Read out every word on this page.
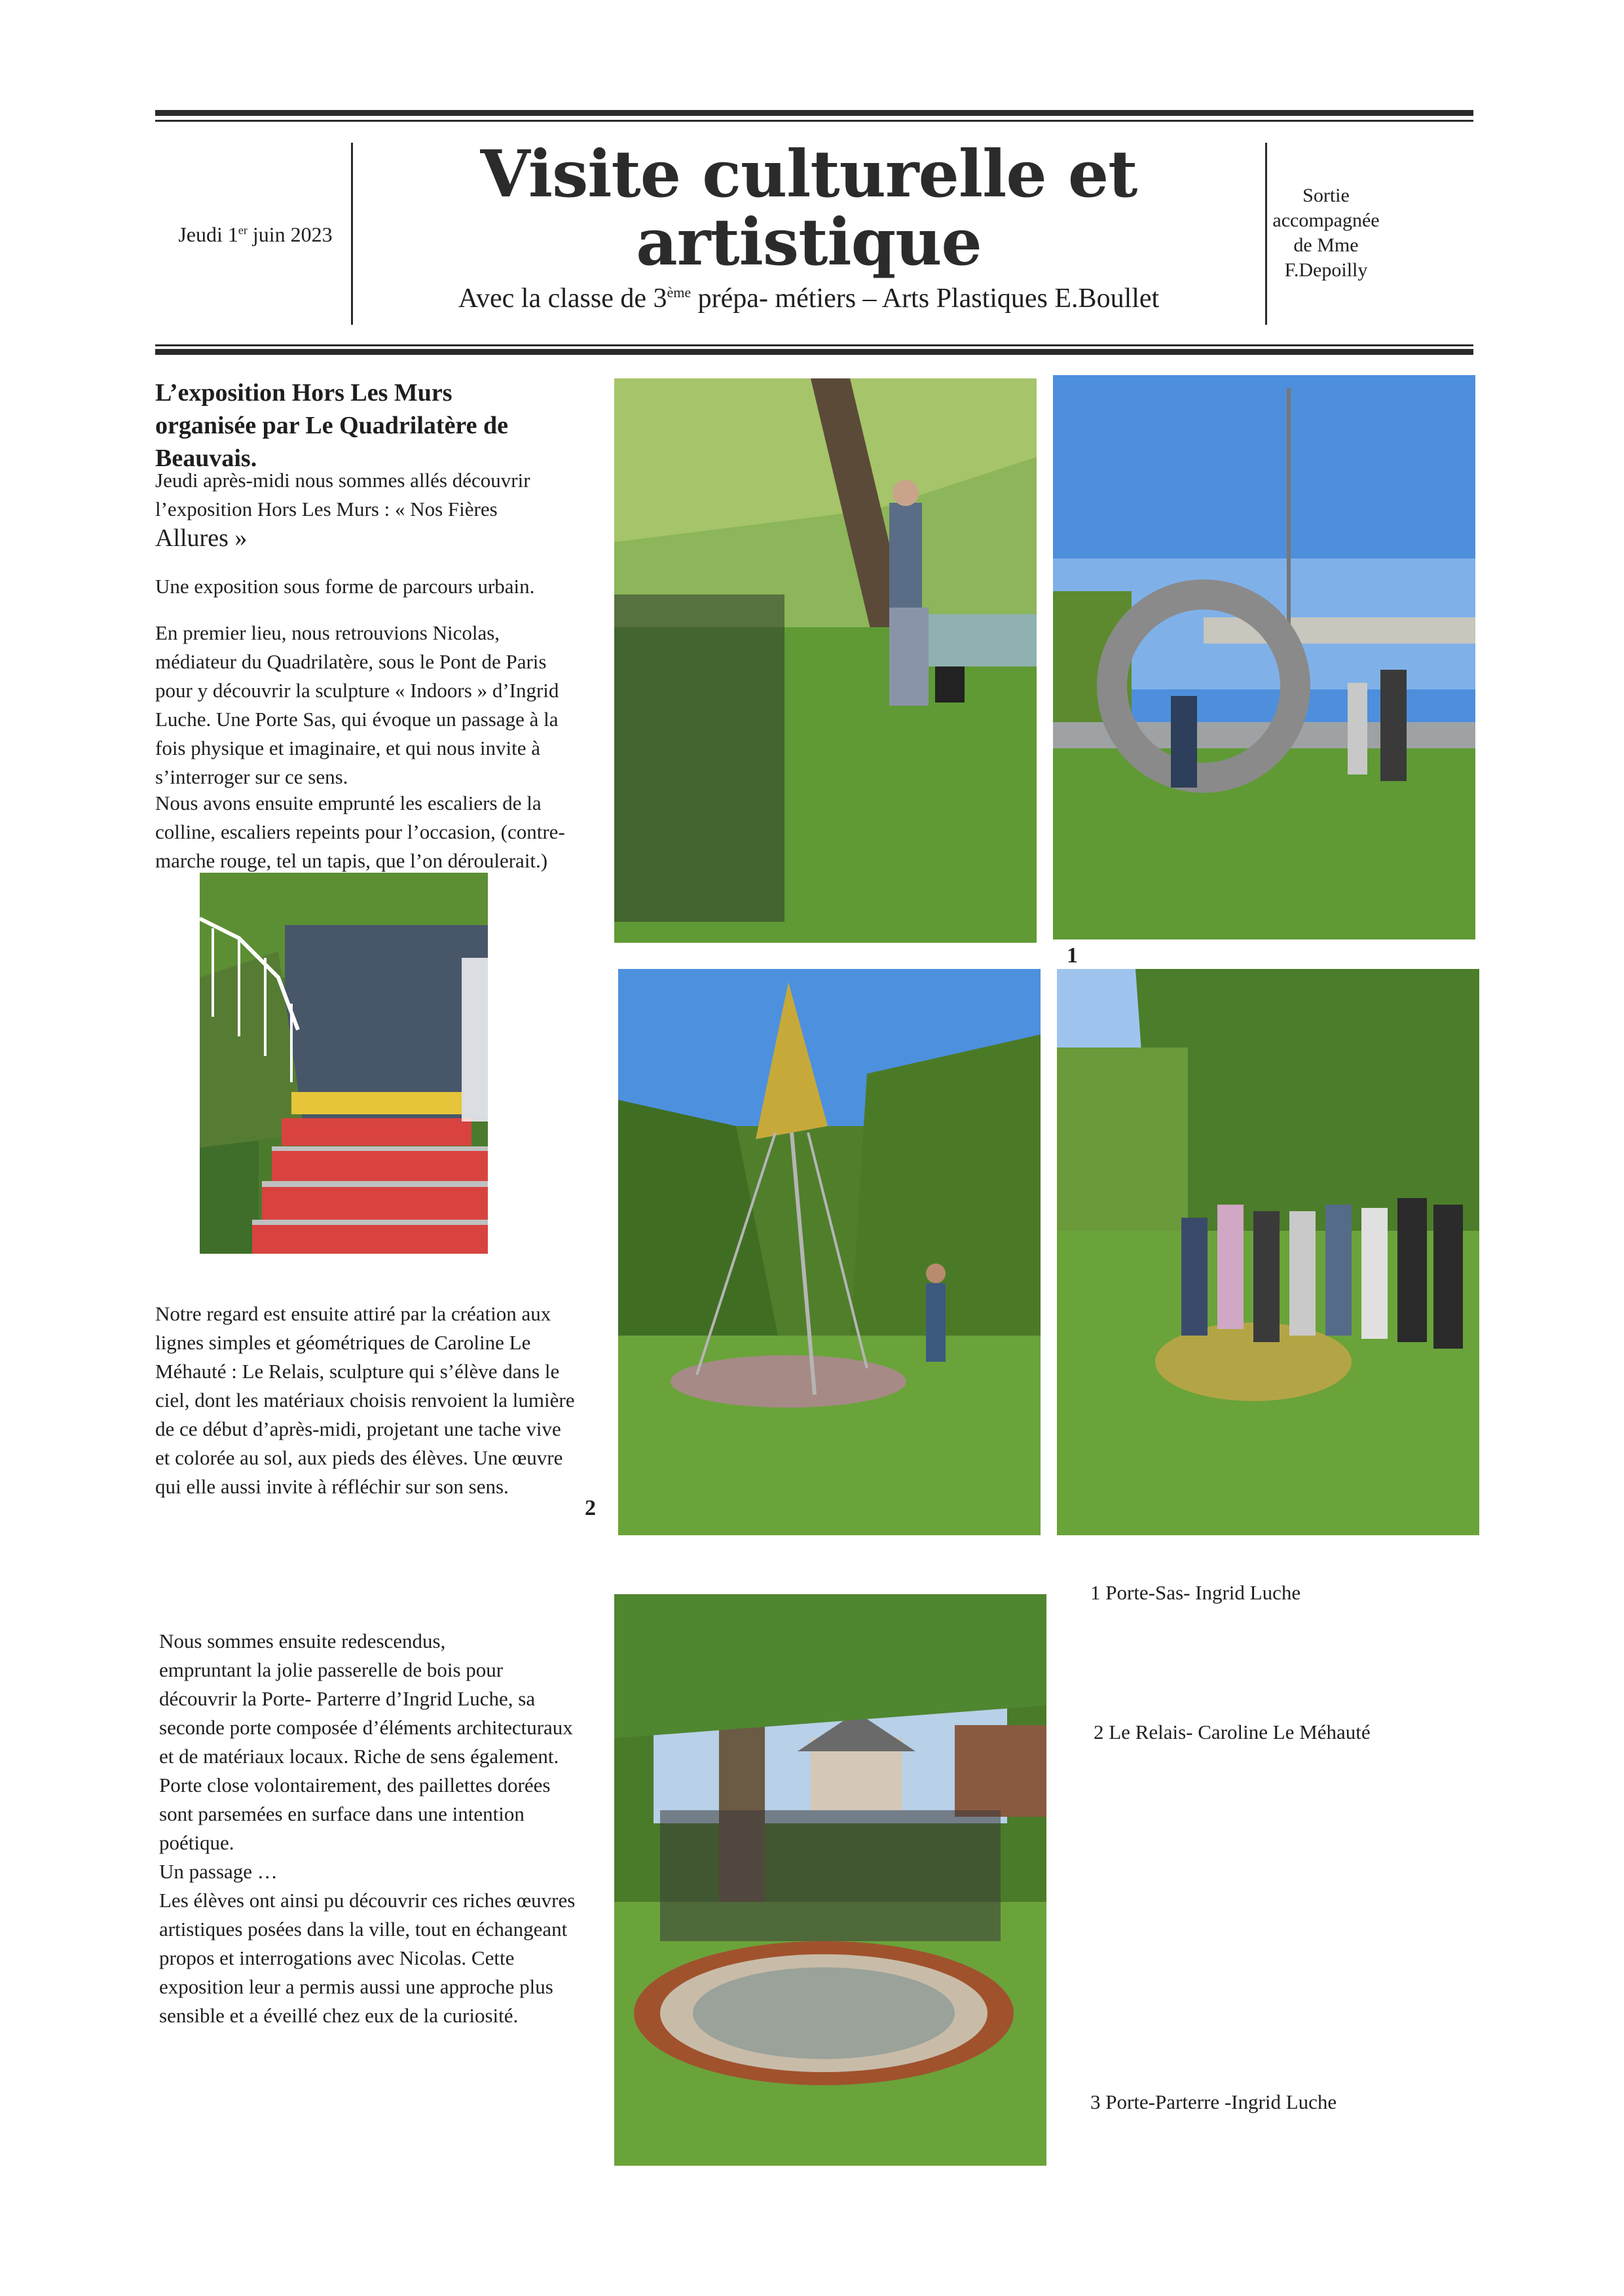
Jeudi 1er juin 2023
Visite culturelle et
artistique
Avec la classe de 3ème prépa- métiers – Arts Plastiques E.Boullet
Sortie
accompagnée
de Mme
F.Depoilly
L’exposition Hors Les Murs
organisée par Le Quadrilatère de Beauvais.
Jeudi après-midi nous sommes allés découvrir
l’exposition Hors Les Murs : « Nos Fières
Allures »
Une exposition sous forme de parcours urbain.
En premier lieu, nous retrouvions Nicolas,
médiateur du Quadrilatère, sous le Pont de Paris
pour y découvrir la sculpture « Indoors » d’Ingrid
Luche. Une Porte Sas, qui évoque un passage à la
fois physique et imaginaire, et qui nous invite à
s’interroger sur ce sens.
Nous avons ensuite emprunté les escaliers de la
colline, escaliers repeints pour l’occasion, (contre-
marche rouge, tel un tapis, que l’on déroulerait.)
1
Notre regard est ensuite attiré par la création aux
lignes simples et géométriques de Caroline Le
Méhauté : Le Relais, sculpture qui s’élève dans le
ciel, dont les matériaux choisis renvoient la lumière
de ce début d’après-midi, projetant une tache vive
et colorée au sol, aux pieds des élèves. Une œuvre
qui elle aussi invite à réfléchir sur son sens.
2
Nous sommes ensuite redescendus,
empruntant la jolie passerelle de bois pour
découvrir la Porte- Parterre d’Ingrid Luche, sa
seconde porte composée d’éléments architecturaux
et de matériaux locaux. Riche de sens également.
Porte close volontairement, des paillettes dorées
sont parsemées en surface dans une intention
poétique.
Un passage …
Les élèves ont ainsi pu découvrir ces riches œuvres
artistiques posées dans la ville, tout en échangeant
propos et interrogations avec Nicolas. Cette
exposition leur a permis aussi une approche plus
sensible et a éveillé chez eux de la curiosité.
1 Porte-Sas- Ingrid Luche
2 Le Relais- Caroline Le Méhauté
3 Porte-Parterre -Ingrid Luche
